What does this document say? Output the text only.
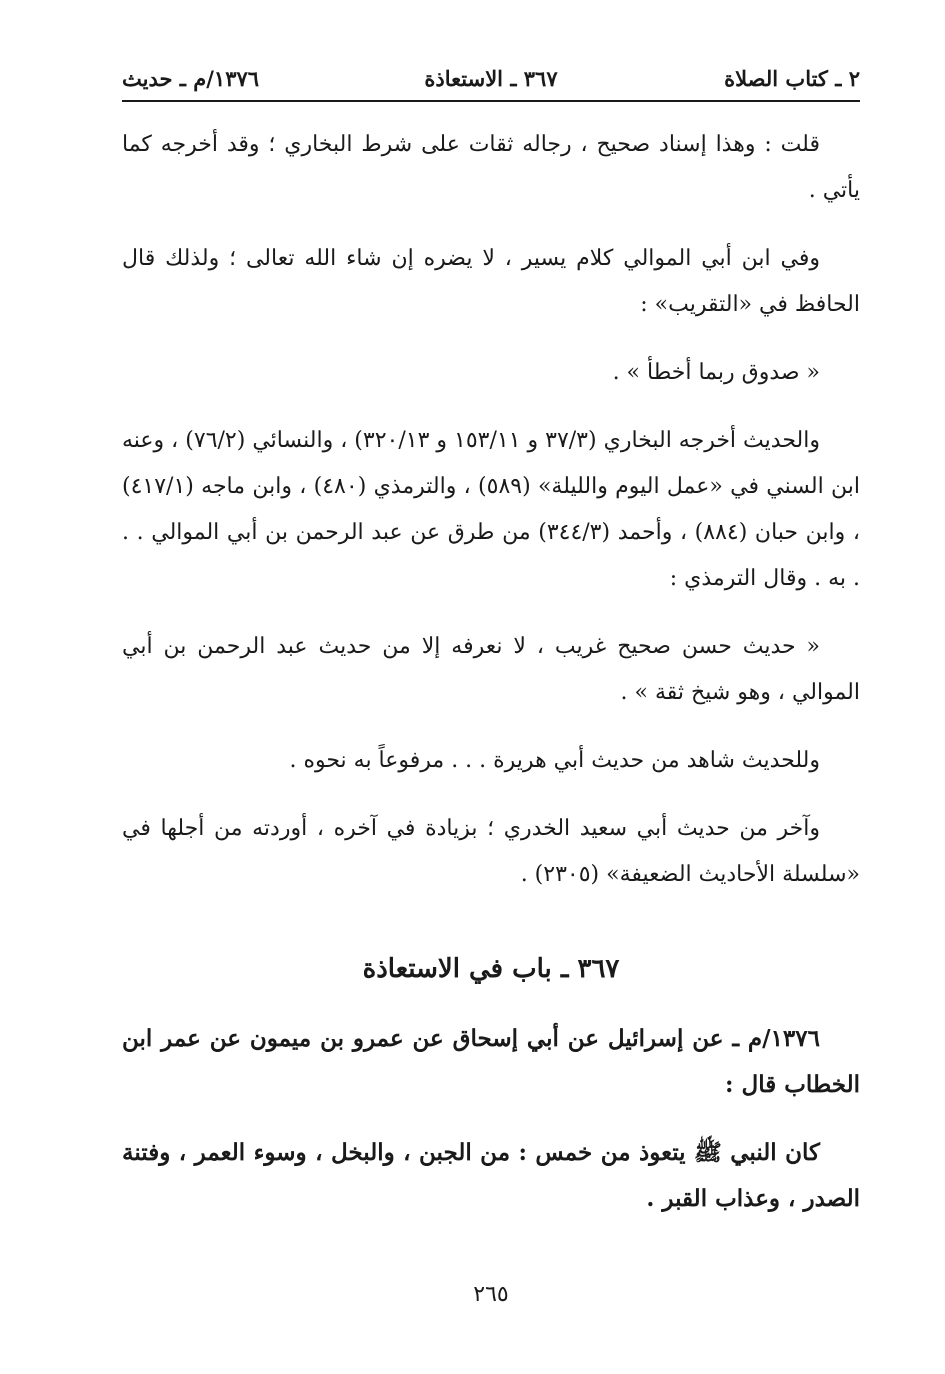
٢ ـ كتاب الصلاة
٣٦٧ ـ الاستعاذة
١٣٧٦/م ـ حديث

قلت : وهذا إسناد صحيح ، رجاله ثقات على شرط البخاري ؛ وقد أخرجه كما يأتي .

وفي ابن أبي الموالي كلام يسير ، لا يضره إن شاء الله تعالى ؛ ولذلك قال الحافظ في «التقريب» :

« صدوق ربما أخطأ » .

والحديث أخرجه البخاري (٣٧/٣ و ١٥٣/١١ و ٣٢٠/١٣) ، والنسائي (٧٦/٢) ، وعنه ابن السني في «عمل اليوم والليلة» (٥٨٩) ، والترمذي (٤٨٠) ، وابن ماجه (٤١٧/١) ، وابن حبان (٨٨٤) ، وأحمد (٣٤٤/٣) من طرق عن عبد الرحمن بن أبي الموالي . . . به . وقال الترمذي :

« حديث حسن صحيح غريب ، لا نعرفه إلا من حديث عبد الرحمن بن أبي الموالي ، وهو شيخ ثقة » .

وللحديث شاهد من حديث أبي هريرة . . . مرفوعاً به نحوه .

وآخر من حديث أبي سعيد الخدري ؛ بزيادة في آخره ، أوردته من أجلها في «سلسلة الأحاديث الضعيفة» (٢٣٠٥) .

٣٦٧ ـ باب في الاستعاذة

١٣٧٦/م ـ عن إسرائيل عن أبي إسحاق عن عمرو بن ميمون عن عمر ابن الخطاب قال :

كان النبي ﷺ يتعوذ من خمس : من الجبن ، والبخل ، وسوء العمر ، وفتنة الصدر ، وعذاب القبر .

٢٦٥
